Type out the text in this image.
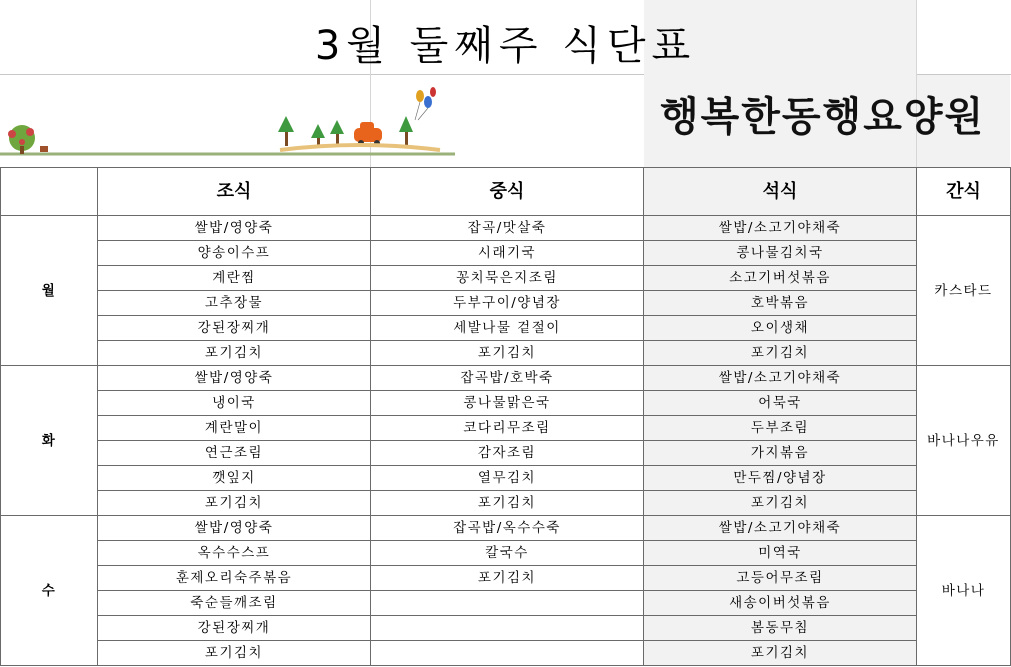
3월 둘째주 식단표
행복한동행요양원
	조식	중식	석식	간식
월	쌀밥/영양죽	잡곡/맛살죽	쌀밥/소고기야채죽	카스타드
	양송이수프	시래기국	콩나물김치국	
	계란찜	꽁치묵은지조림	소고기버섯볶음	
	고추장물	두부구이/양념장	호박볶음	
	강된장찌개	세발나물 겉절이	오이생채	
	포기김치	포기김치	포기김치	
화	쌀밥/영양죽	잡곡밥/호박죽	쌀밥/소고기야채죽	바나나우유
	냉이국	콩나물맑은국	어묵국	
	계란말이	코다리무조림	두부조림	
	연근조림	감자조림	가지볶음	
	깻잎지	열무김치	만두찜/양념장	
	포기김치	포기김치	포기김치	
수	쌀밥/영양죽	잡곡밥/옥수수죽	쌀밥/소고기야채죽	바나나
	옥수수스프	칼국수	미역국	
	훈제오리숙주볶음	포기김치	고등어무조림	
	죽순들깨조림		새송이버섯볶음	
	강된장찌개		봄동무침	
	포기김치		포기김치	
